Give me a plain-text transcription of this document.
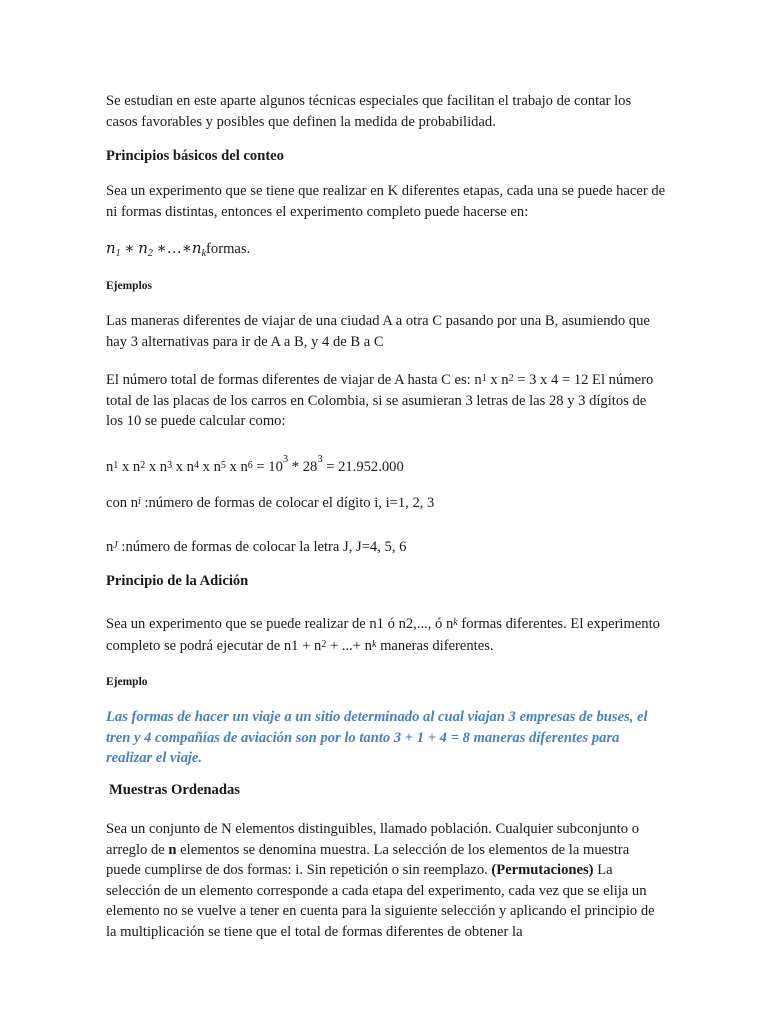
Se estudian en este aparte algunos técnicas especiales que facilitan el trabajo de contar los casos favorables y posibles que definen la medida de probabilidad.

Principios básicos del conteo

Sea un experimento que se tiene que realizar en K diferentes etapas, cada una se puede hacer de ni formas distintas, entonces el experimento completo puede hacerse en:

$n_1$ ∗ $n_2$ $∗\dots∗n_kformas$.

Ejemplos

Las maneras diferentes de viajar de una ciudad A a otra C pasando por una B, asumiendo que hay 3 alternativas para ir de A a B, y 4 de B a C

El número total de formas diferentes de viajar de A hasta C es: $n^1$ x $n^2 = 3$ x 4 = 12 El número total de las placas de los carros en Colombia, si se asumieran 3 letras de las 28 y 3 dígitos de los 10 se puede calcular como:

$n^1$ x $n^2$ x $n^3$ x $n^4$ x $n^5$ x $n^6 = 10^3 * 28^3 = 21.952.000$

con $n^i$ :número de formas de colocar el dígito i, i=1, 2, 3

$n^J$ :número de formas de colocar la letra J, J=4, 5, 6

Principio de la Adición

Sea un experimento que se puede realizar de n1 ó n2,..., ó $n^k$ formas diferentes. El experimento completo se podrá ejecutar de $n1 + n^2$ + ...+ $n^k$ maneras diferentes.

Ejemplo

Las formas de hacer un viaje a un sitio determinado al cual viajan 3 empresas de buses, el tren y 4 compañías de aviación son por lo tanto 3 + 1 + 4 = 8 maneras diferentes para realizar el viaje.

Muestras Ordenadas

Sea un conjunto de N elementos distinguibles, llamado población. Cualquier subconjunto o arreglo de n elementos se denomina muestra. La selección de los elementos de la muestra puede cumplirse de dos formas: i. Sin repetición o sin reemplazo. (Permutaciones) La selección de un elemento corresponde a cada etapa del experimento, cada vez que se elija un elemento no se vuelve a tener en cuenta para la siguiente selección y aplicando el principio de la multiplicación se tiene que el total de formas diferentes de obtener la
